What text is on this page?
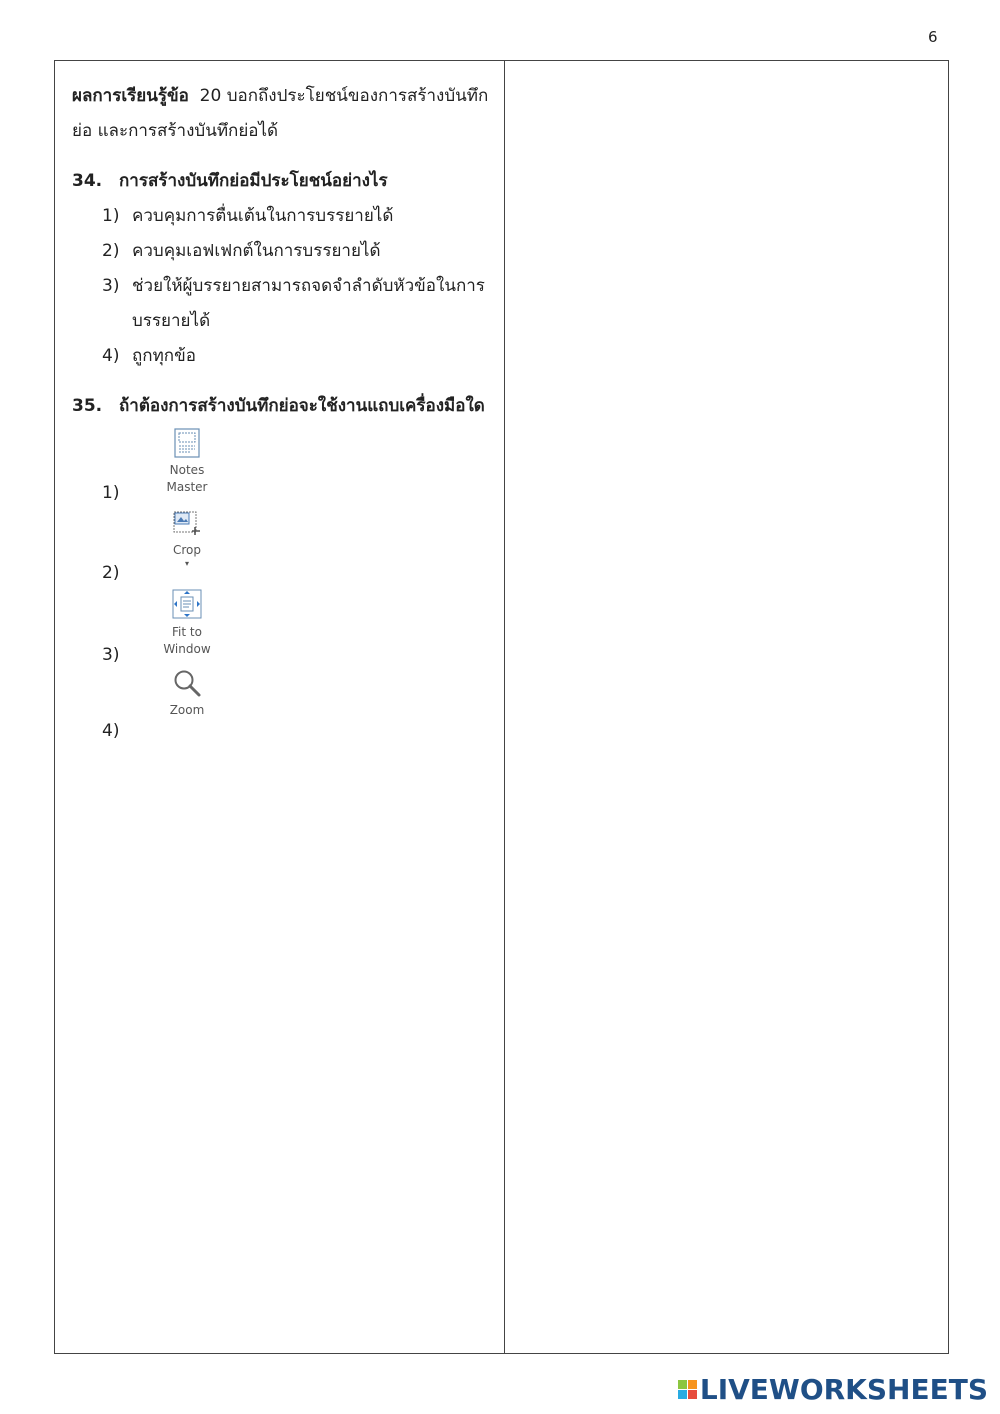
6
ผลการเรียนรู้ข้อ 20 บอกถึงประโยชน์ของการสร้างบันทึกย่อ และการสร้างบันทึกย่อได้
34. การสร้างบันทึกย่อมีประโยชน์อย่างไร
1) ควบคุมการตื่นเต้นในการบรรยายได้
2) ควบคุมเอฟเฟกต์ในการบรรยายได้
3) ช่วยให้ผู้บรรยายสามารถจดจำลำดับหัวข้อในการบรรยายได้
4) ถูกทุกข้อ
35. ถ้าต้องการสร้างบันทึกย่อจะใช้งานแถบเครื่องมือใด
1)
Notes
Master
2)
Crop
▾
3)
Fit to
Window
4)
Zoom
LIVEWORKSHEETS
